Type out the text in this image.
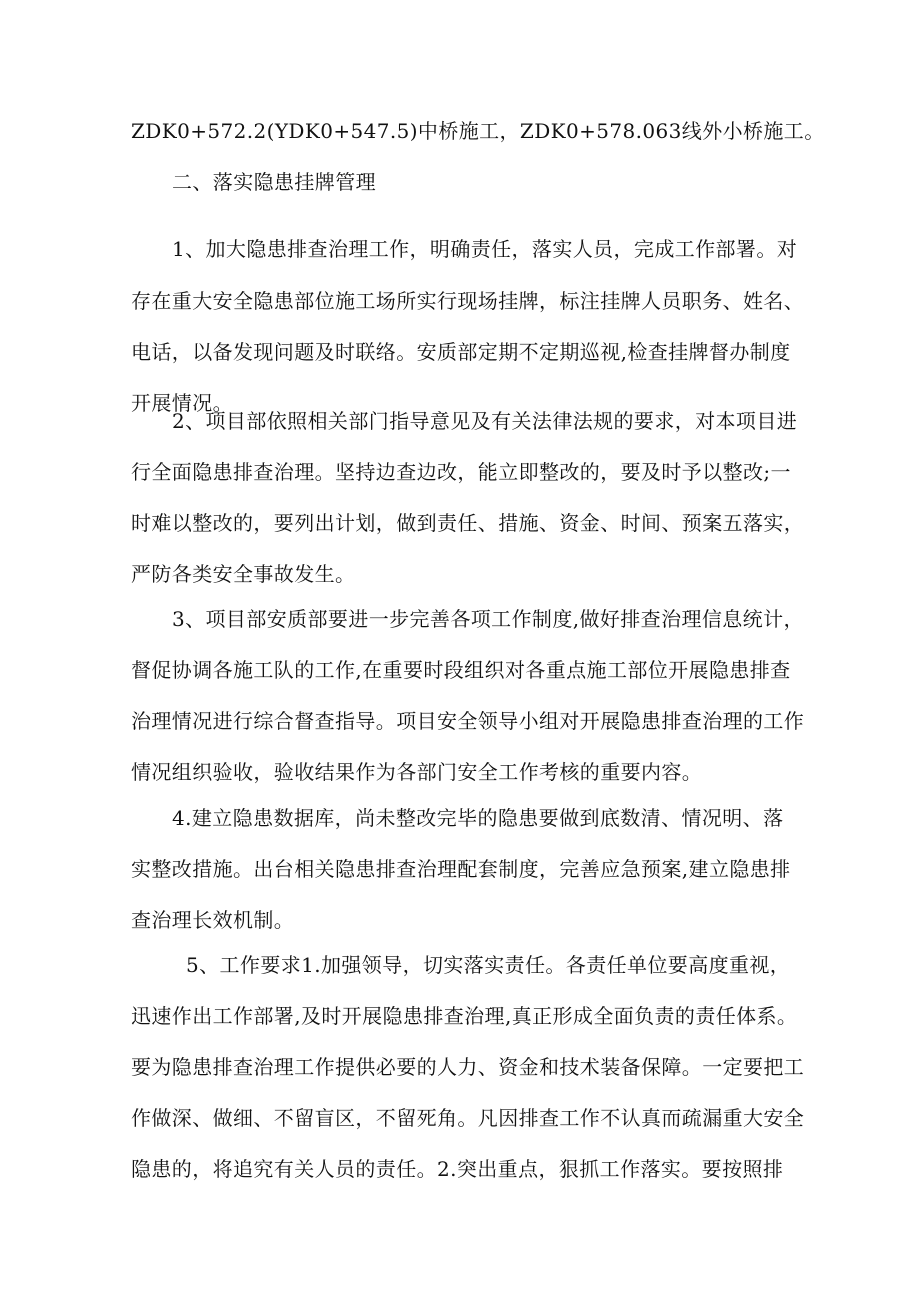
ZDK0+572.2(YDK0+547.5)中桥施工，ZDK0+578.063线外小桥施工。
二、落实隐患挂牌管理
1、加大隐患排查治理工作，明确责任，落实人员，完成工作部署。对
存在重大安全隐患部位施工场所实行现场挂牌，标注挂牌人员职务、姓名、
电话，以备发现问题及时联络。安质部定期不定期巡视,检查挂牌督办制度
开展情况。
2、项目部依照相关部门指导意见及有关法律法规的要求，对本项目进
行全面隐患排查治理。坚持边查边改，能立即整改的，要及时予以整改;一
时难以整改的，要列出计划，做到责任、措施、资金、时间、预案五落实，
严防各类安全事故发生。
3、项目部安质部要进一步完善各项工作制度,做好排查治理信息统计，
督促协调各施工队的工作,在重要时段组织对各重点施工部位开展隐患排查
治理情况进行综合督查指导。项目安全领导小组对开展隐患排查治理的工作
情况组织验收，验收结果作为各部门安全工作考核的重要内容。
4.建立隐患数据库，尚未整改完毕的隐患要做到底数清、情况明、落
实整改措施。出台相关隐患排查治理配套制度，完善应急预案,建立隐患排
查治理长效机制。
5、工作要求1.加强领导，切实落实责任。各责任单位要高度重视，
迅速作出工作部署,及时开展隐患排查治理,真正形成全面负责的责任体系。
要为隐患排查治理工作提供必要的人力、资金和技术装备保障。一定要把工
作做深、做细、不留盲区，不留死角。凡因排查工作不认真而疏漏重大安全
隐患的，将追究有关人员的责任。2.突出重点，狠抓工作落实。要按照排
